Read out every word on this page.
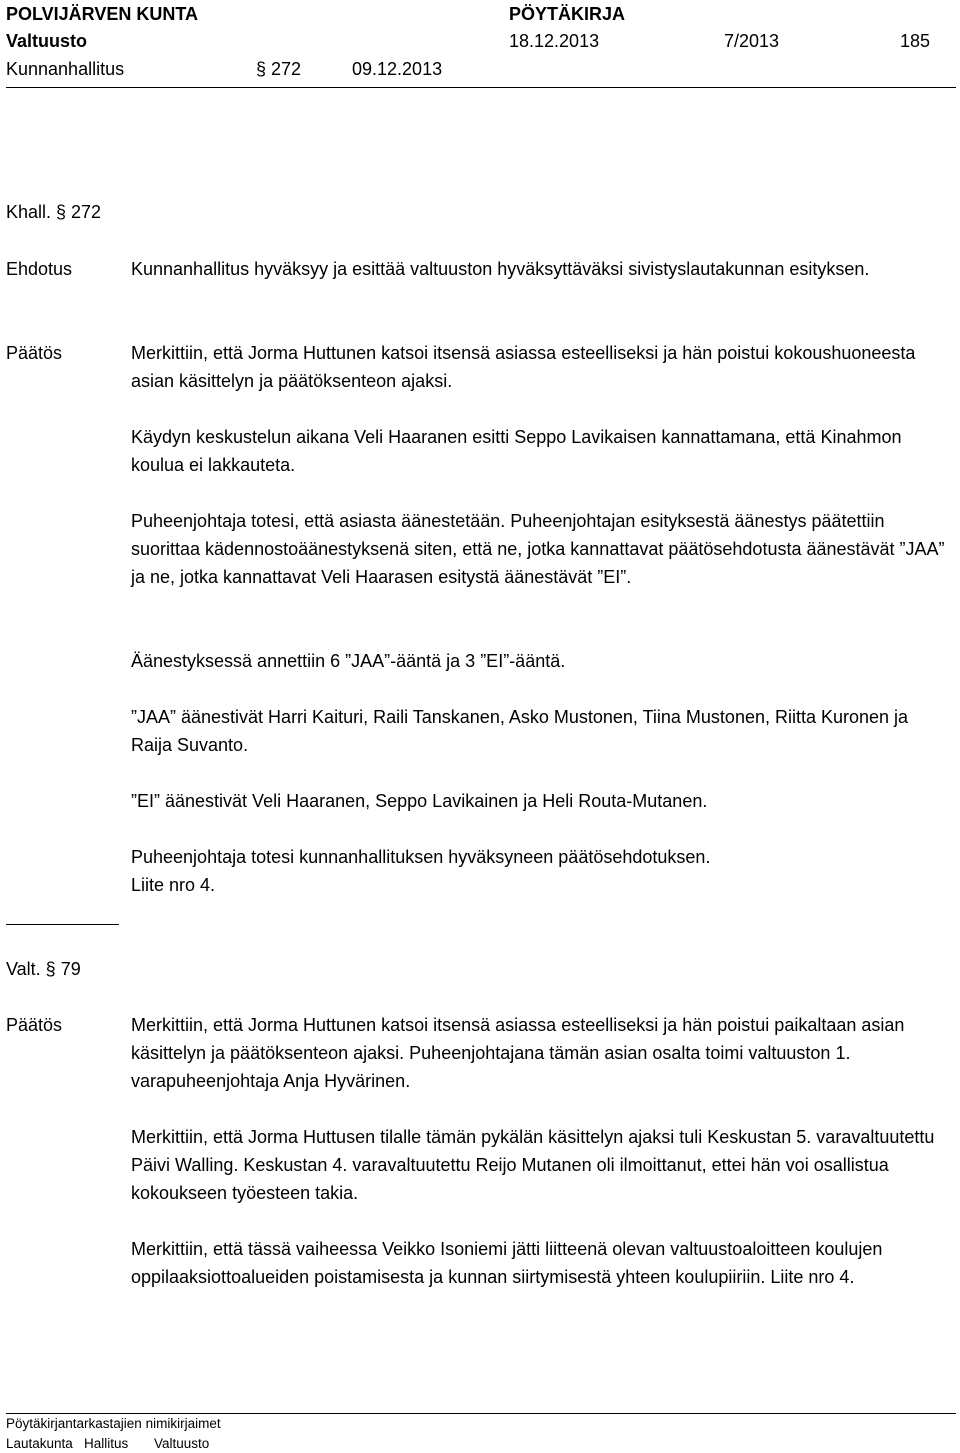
POLVIJÄRVEN KUNTA	PÖYTÄKIRJA
Valtuusto	18.12.2013	7/2013	185
Kunnanhallitus	§ 272	09.12.2013
Khall. § 272
Ehdotus	Kunnanhallitus hyväksyy ja esittää valtuuston hyväksyttäväksi sivistyslautakunnan esityksen.
Päätös	Merkittiin, että Jorma Huttunen katsoi itsensä asiassa esteelliseksi ja hän poistui kokoushuoneesta asian käsittelyn ja päätöksenteon ajaksi.
Käydyn keskustelun aikana Veli Haaranen esitti Seppo Lavikaisen kannattamana, että Kinahmon koulua ei lakkauteta.
Puheenjohtaja totesi, että asiasta äänestetään. Puheenjohtajan esityksestä äänestys päätettiin suorittaa kädennostoäänestyksenä siten, että ne, jotka kannattavat päätösehdotusta äänestävät ”JAA” ja ne, jotka kannattavat Veli Haarasen esitystä äänestävät ”EI”.
Äänestyksessä annettiin 6 ”JAA”-ääntä ja 3 ”EI”-ääntä.
”JAA” äänestivät Harri Kaituri, Raili Tanskanen, Asko Mustonen, Tiina Mustonen, Riitta Kuronen ja Raija Suvanto.
”EI” äänestivät Veli Haaranen, Seppo Lavikainen ja Heli Routa-Mutanen.
Puheenjohtaja totesi kunnanhallituksen hyväksyneen päätösehdotuksen.
Liite nro 4.
Valt. § 79
Päätös	Merkittiin, että Jorma Huttunen katsoi itsensä asiassa esteelliseksi ja hän poistui paikaltaan asian käsittelyn ja päätöksenteon ajaksi. Puheenjohtajana tämän asian osalta toimi valtuuston 1. varapuheenjohtaja Anja Hyvärinen.
Merkittiin, että Jorma Huttusen tilalle tämän pykälän käsittelyn ajaksi tuli Keskustan 5. varavaltuutettu Päivi Walling. Keskustan 4. varavaltuutettu Reijo Mutanen oli ilmoittanut, ettei hän voi osallistua kokoukseen työesteen takia.
Merkittiin, että tässä vaiheessa Veikko Isoniemi jätti liitteenä olevan valtuustoaloitteen koulujen oppilaaksiottoalueiden poistamisesta ja kunnan siirtymisestä yhteen koulupiiriin. Liite nro 4.
Pöytäkirjantarkastajien nimikirjaimet
Lautakunta Hallitus Valtuusto
